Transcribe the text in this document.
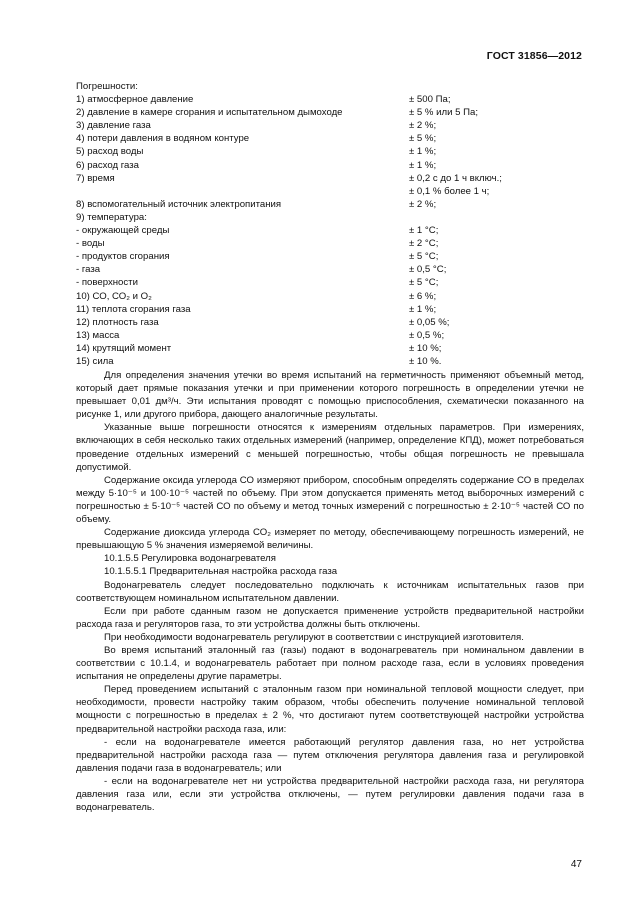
ГОСТ 31856—2012
Погрешности:
1) атмосферное давление	± 500 Па;
2) давление в камере сгорания и испытательном дымоходе	± 5 % или 5 Па;
3) давление газа	± 2 %;
4) потери давления в водяном контуре	± 5 %;
5) расход воды	± 1 %;
6) расход газа	± 1 %;
7) время	± 0,2 с до 1 ч включ.;
± 0,1 % более 1 ч;
8) вспомогательный источник электропитания	± 2 %;
9) температура:
- окружающей среды	± 1 °С;
- воды	± 2 °С;
- продуктов сгорания	± 5 °С;
- газа	± 0,5 °С;
- поверхности	± 5 °С;
10) СО, СО₂ и О₂	± 6 %;
11) теплота сгорания газа	± 1 %;
12) плотность газа	± 0,05 %;
13) масса	± 0,5 %;
14) крутящий момент	± 10 %;
15) сила	± 10 %.

Для определения значения утечки во время испытаний на герметичность применяют объемный метод, который дает прямые показания утечки и при применении которого погрешность в определении утечки не превышает 0,01 дм³/ч. Эти испытания проводят с помощью приспособления, схематически показанного на рисунке 1, или другого прибора, дающего аналогичные результаты.

Указанные выше погрешности относятся к измерениям отдельных параметров. При измерениях, включающих в себя несколько таких отдельных измерений (например, определение КПД), может потребоваться проведение отдельных измерений с меньшей погрешностью, чтобы общая погрешность не превышала допустимой.

Содержание оксида углерода СО измеряют прибором, способным определять содержание СО в пределах между 5·10⁻⁵ и 100·10⁻⁵ частей по объему. При этом допускается применять метод выборочных измерений с погрешностью ± 5·10⁻⁵ частей СО по объему и метод точных измерений с погрешностью ± 2·10⁻⁵ частей СО по объему.

Содержание диоксида углерода СО₂ измеряет по методу, обеспечивающему погрешность измерений, не превышающую 5 % значения измеряемой величины.

10.1.5.5 Регулировка водонагревателя

10.1.5.5.1 Предварительная настройка расхода газа

Водонагреватель следует последовательно подключать к источникам испытательных газов при соответствующем номинальном испытательном давлении.

Если при работе сданным газом не допускается применение устройств предварительной настройки расхода газа и регуляторов газа, то эти устройства должны быть отключены.

При необходимости водонагреватель регулируют в соответствии с инструкцией изготовителя.

Во время испытаний эталонный газ (газы) подают в водонагреватель при номинальном давлении в соответствии с 10.1.4, и водонагреватель работает при полном расходе газа, если в условиях проведения испытания не определены другие параметры.

Перед проведением испытаний с эталонным газом при номинальной тепловой мощности следует, при необходимости, провести настройку таким образом, чтобы обеспечить получение номинальной тепловой мощности с погрешностью в пределах ± 2 %, что достигают путем соответствующей настройки устройства предварительной настройки расхода газа, или:

- если на водонагревателе имеется работающий регулятор давления газа, но нет устройства предварительной настройки расхода газа — путем отключения регулятора давления газа и регулировкой давления подачи газа в водонагреватель; или

- если на водонагревателе нет ни устройства предварительной настройки расхода газа, ни регулятора давления газа или, если эти устройства отключены, — путем регулировки давления подачи газа в водонагреватель.

47
